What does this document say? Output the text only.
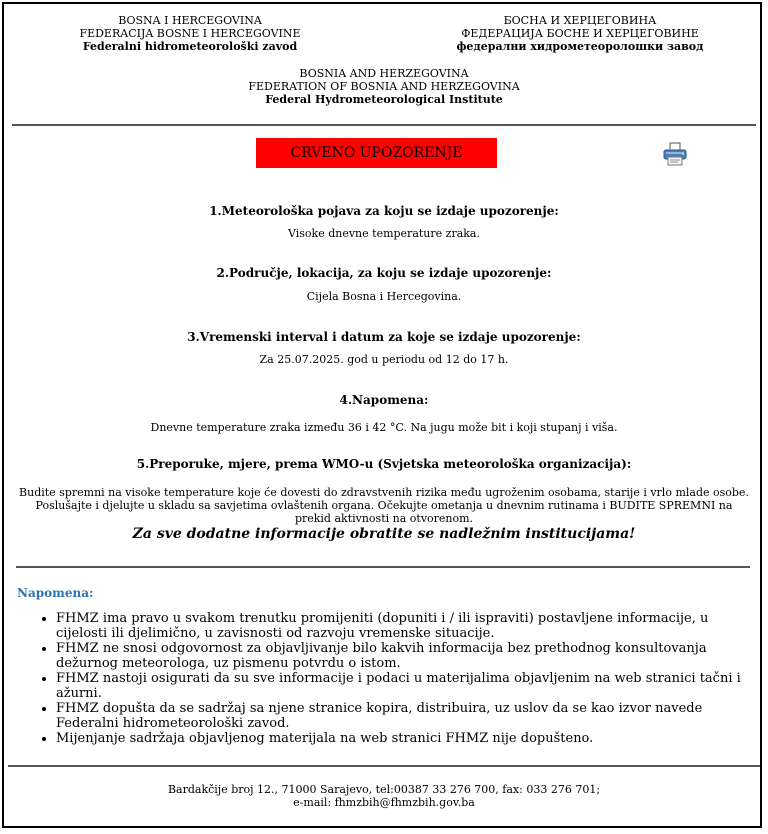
BOSNA I HERCEGOVINA
FEDERACIJA BOSNE I HERCEGOVINE
Federalni hidrometeorološki zavod
БОСНА И ХЕРЦЕГОВИНА
ФЕДЕРАЦИЈА БОСНЕ И ХЕРЦЕГОВИНЕ
федерални хидрометеоролошки завод
BOSNIA AND HERZEGOVINA
FEDERATION OF BOSNIA AND HERZEGOVINA
Federal Hydrometeorological Institute
CRVENO UPOZORENJE
1.Meteorološka pojava za koju se izdaje upozorenje:
Visoke dnevne temperature zraka.
2.Područje, lokacija, za koju se izdaje upozorenje:
Cijela Bosna i Hercegovina.
3.Vremenski interval i datum za koje se izdaje upozorenje:
Za 25.07.2025. god u periodu od 12 do 17 h.
4.Napomena:
Dnevne temperature zraka između 36 i 42 °C. Na jugu može bit i koji stupanj i viša.
5.Preporuke, mjere, prema WMO-u (Svjetska meteorološka organizacija):
Budite spremni na visoke temperature koje će dovesti do zdravstvenih rizika među ugroženim osobama, starije i vrlo mlade osobe. Poslušajte i djelujte u skladu sa savjetima ovlaštenih organa. Očekujte ometanja u dnevnim rutinama i BUDITE SPREMNI na prekid aktivnosti na otvorenom.
Za sve dodatne informacije obratite se nadležnim institucijama!
Napomena:
• FHMZ ima pravo u svakom trenutku promijeniti (dopuniti i / ili ispraviti) postavljene informacije, u cijelosti ili djelimično, u zavisnosti od razvoju vremenske situacije.
• FHMZ ne snosi odgovornost za objavljivanje bilo kakvih informacija bez prethodnog konsultovanja dežurnog meteorologa, uz pismenu potvrdu o istom.
• FHMZ nastoji osigurati da su sve informacije i podaci u materijalima objavljenim na web stranici tačni i ažurni.
• FHMZ dopušta da se sadržaj sa njene stranice kopira, distribuira, uz uslov da se kao izvor navede Federalni hidrometeorološki zavod.
• Mijenjanje sadržaja objavljenog materijala na web stranici FHMZ nije dopušteno.
Bardakčije broj 12., 71000 Sarajevo, tel:00387 33 276 700, fax: 033 276 701;
e-mail: fhmzbih@fhmzbih.gov.ba
